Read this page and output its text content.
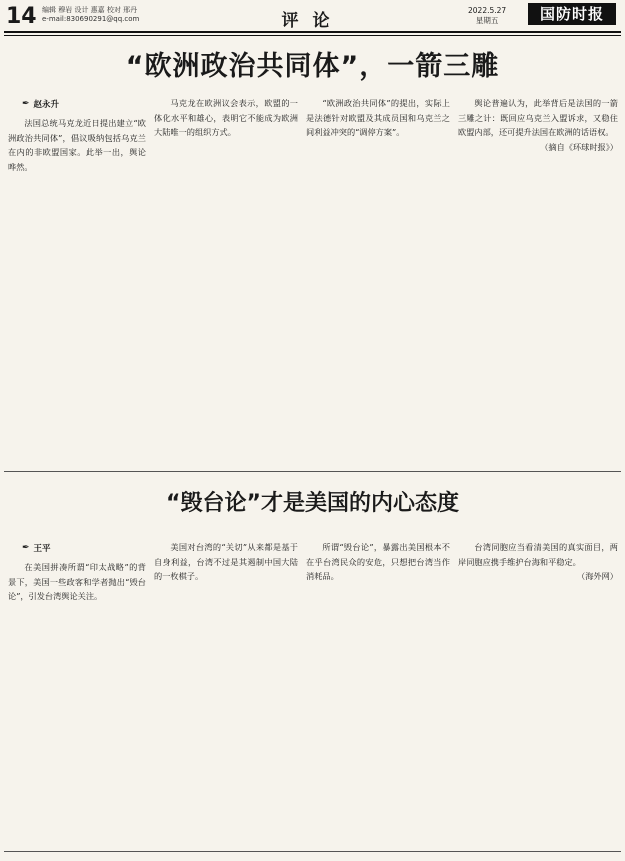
14 编辑 穆岩 设计 惠嘉 校对 邢丹
e-mail:830690291@qq.com	评论
2022.5.27
星期五	国防时报
“欧洲政治共同体”，一箭三雕
✒ 赵永升

法国总统马克龙近日提出建立“欧洲政治共同体”，倡议吸纳包括乌克兰在内的非欧盟国家。此举一出，舆论哗然。

马克龙在欧洲议会表示，欧盟的一体化水平和雄心，表明它不能成为欧洲大陆唯一的组织方式。

“欧洲政治共同体”的提出，实际上是法德针对欧盟及其成员国和乌克兰之间利益冲突的“调停方案”。

舆论普遍认为，此举背后是法国的一箭三雕之计：既回应乌克兰入盟诉求，又稳住欧盟内部，还可提升法国在欧洲的话语权。

（摘自《环球时报》）

“毁台论”才是美国的内心态度
✒ 王平

在美国拼凑所谓“印太战略”的背景下，美国一些政客和学者抛出“毁台论”，引发台湾舆论关注。

美国对台湾的“关切”从来都是基于自身利益，台湾不过是其遏制中国大陆的一枚棋子。

所谓“毁台论”，暴露出美国根本不在乎台湾民众的安危，只想把台湾当作消耗品。

台湾同胞应当看清美国的真实面目，两岸同胞应携手维护台海和平稳定。

（海外网）
